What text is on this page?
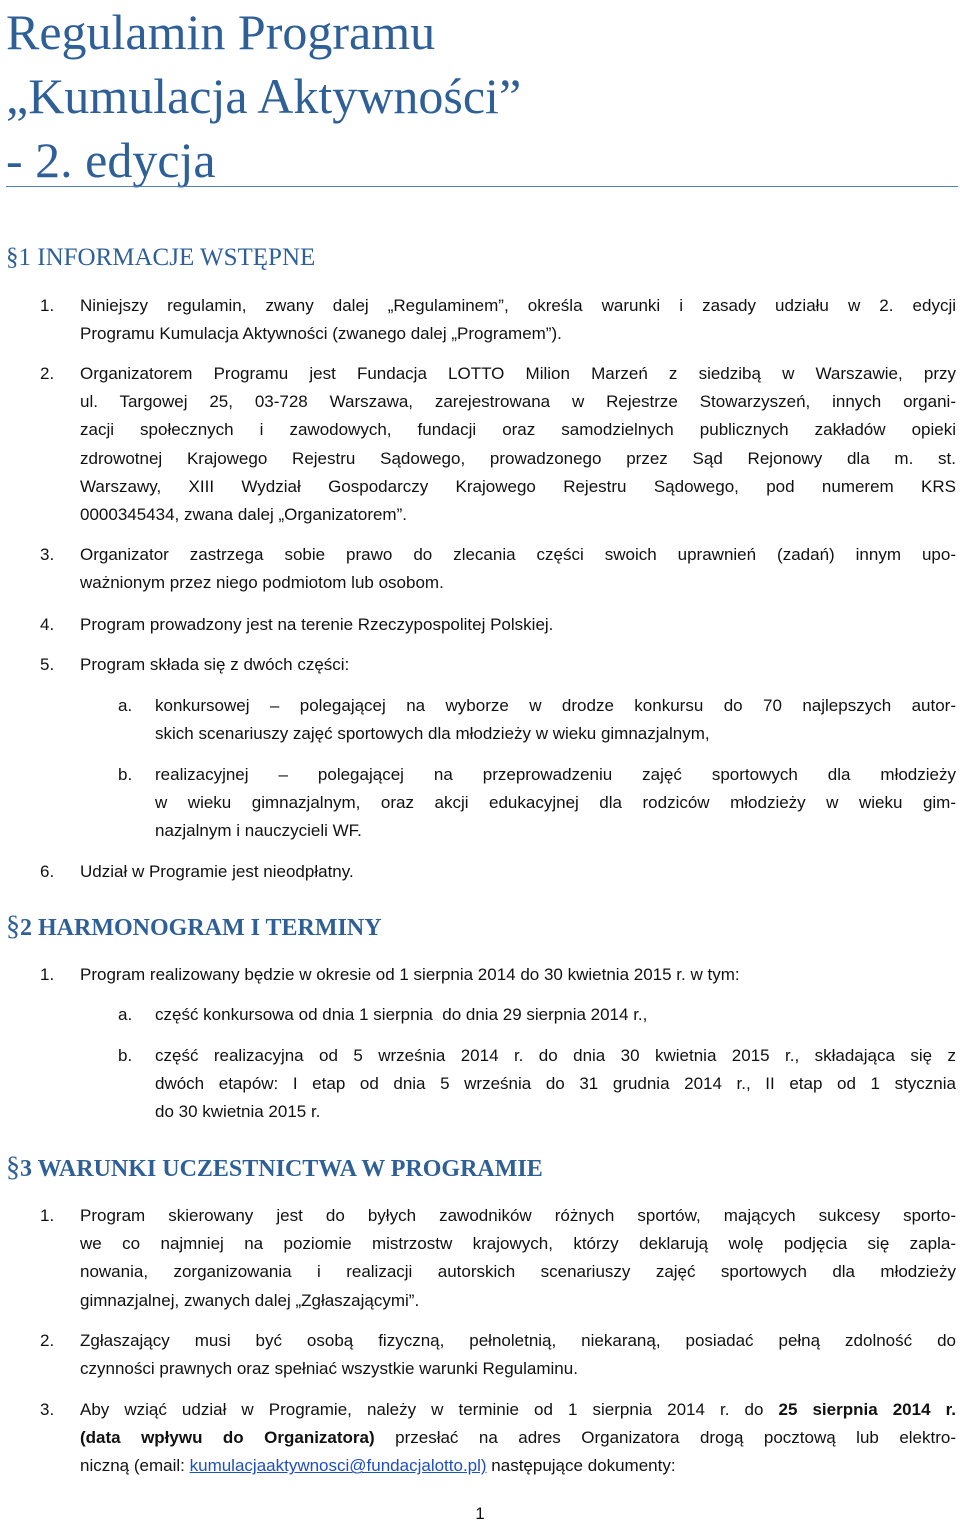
Regulamin Programu
„Kumulacja Aktywności”
- 2. edycja
§1 INFORMACJE WSTĘPNE
1.	Niniejszy regulamin, zwany dalej „Regulaminem”, określa warunki i zasady udziału w 2. edycji
Programu Kumulacja Aktywności (zwanego dalej „Programem”).
2.	Organizatorem Programu jest Fundacja LOTTO Milion Marzeń z siedzibą w Warszawie, przy
ul. Targowej 25, 03-728 Warszawa, zarejestrowana w Rejestrze Stowarzyszeń, innych organi-
zacji społecznych i zawodowych, fundacji oraz samodzielnych publicznych zakładów opieki
zdrowotnej Krajowego Rejestru Sądowego, prowadzonego przez Sąd Rejonowy dla m. st.
Warszawy, XIII Wydział Gospodarczy Krajowego Rejestru Sądowego, pod numerem KRS
0000345434, zwana dalej „Organizatorem”.
3.	Organizator zastrzega sobie prawo do zlecania części swoich uprawnień (zadań) innym upo-
ważnionym przez niego podmiotom lub osobom.
4.	Program prowadzony jest na terenie Rzeczypospolitej Polskiej.
5.	Program składa się z dwóch części:
a.	konkursowej – polegającej na wyborze w drodze konkursu do 70 najlepszych autor-
skich scenariuszy zajęć sportowych dla młodzieży w wieku gimnazjalnym,
b.	realizacyjnej – polegającej na przeprowadzeniu zajęć sportowych dla młodzieży
w wieku gimnazjalnym, oraz akcji edukacyjnej dla rodziców młodzieży w wieku gim-
nazjalnym i nauczycieli WF.
6.	Udział w Programie jest nieodpłatny.
§2 HARMONOGRAM I TERMINY
1.	Program realizowany będzie w okresie od 1 sierpnia 2014 do 30 kwietnia 2015 r. w tym:
a.	część konkursowa od dnia 1 sierpnia  do dnia 29 sierpnia 2014 r.,
b.	część realizacyjna od 5 września 2014 r. do dnia 30 kwietnia 2015 r., składająca się z
dwóch etapów: I etap od dnia 5 września do 31 grudnia 2014 r., II etap od 1 stycznia
do 30 kwietnia 2015 r.
§3 WARUNKI UCZESTNICTWA W PROGRAMIE
1.	Program skierowany jest do byłych zawodników różnych sportów, mających sukcesy sporto-
we co najmniej na poziomie mistrzostw krajowych, którzy deklarują wolę podjęcia się zapla-
nowania, zorganizowania i realizacji autorskich scenariuszy zajęć sportowych dla młodzieży
gimnazjalnej, zwanych dalej „Zgłaszającymi”.
2.	Zgłaszający musi być osobą fizyczną, pełnoletnią, niekaraną, posiadać pełną zdolność do
czynności prawnych oraz spełniać wszystkie warunki Regulaminu.
3.	Aby wziąć udział w Programie, należy w terminie od 1 sierpnia 2014 r. do 25 sierpnia 2014 r.
(data wpływu do Organizatora) przesłać na adres Organizatora drogą pocztową lub elektro-
niczną (email: kumulacjaaktywnosci@fundacjalotto.pl) następujące dokumenty:
1
